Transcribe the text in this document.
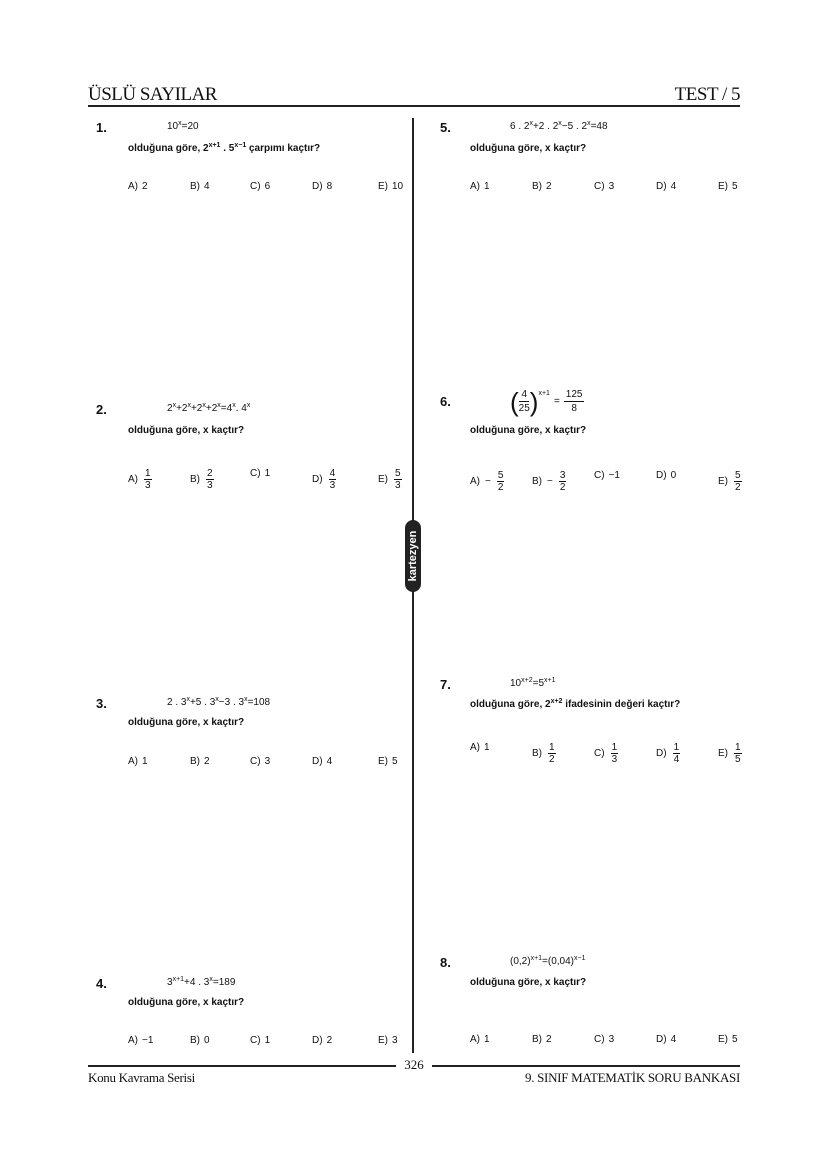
ÜSLÜ SAYILAR	TEST / 5
kartezyen
1.	$10^x=20$
olduğuna göre, $2^{x+1}$ . $5^{x-1}$ çarpımı kaçtır?
A) 2	B) 4	C) 6	D) 8	E) 10
2.	$2^x+2^x+2^x+2^x=4^x$. 4$^x$
olduğuna göre, x kaçtır?
$A) \frac{1}{3}$	$B) \frac{2}{3}$	C) 1
$D) \frac{4}{3}$	$E) \frac{5}{3}$
3.	2 . $3^x+5$ . $3^x-3$ . $3^x=108$
olduğuna göre, x kaçtır?
A) 1	B) 2	C) 3	D) 4	E) 5
4.	$3^{x+1}+4$ . $3^x=189$
olduğuna göre, x kaçtır?
A) −1	B) 0	C) 1	D) 2	E) 3
5.	6 . $2^x+2$ . $2^x-5$ . $2^x=48$
olduğuna göre, x kaçtır?
A) 1	B) 2	C) 3	D) 4	E) 5
6. ( $\frac{4}{25}$ ) x+1
= $\frac{125}{8}$
olduğuna göre, x kaçtır?
$A) - \frac{5}{2}$	$B) - \frac{3}{2}$	C) −1	D) 0
$E) \frac{5}{2}$
7.	$10^{x+2}=5^{x+1}$
olduğuna göre, $2^{x+2}$ ifadesinin değeri kaçtır?
A) 1
$B) \frac{1}{2}$	$C) \frac{1}{3}$	$D) \frac{1}{4}$	$E) \frac{1}{5}$
8.	$(0,2)^{x+1}=(0,04)^{x-1}$
olduğuna göre, x kaçtır?
A) 1	B) 2	C) 3	D) 4	E) 5
326
Konu Kavrama Serisi	9. SINIF MATEMATİK SORU BANKASI
